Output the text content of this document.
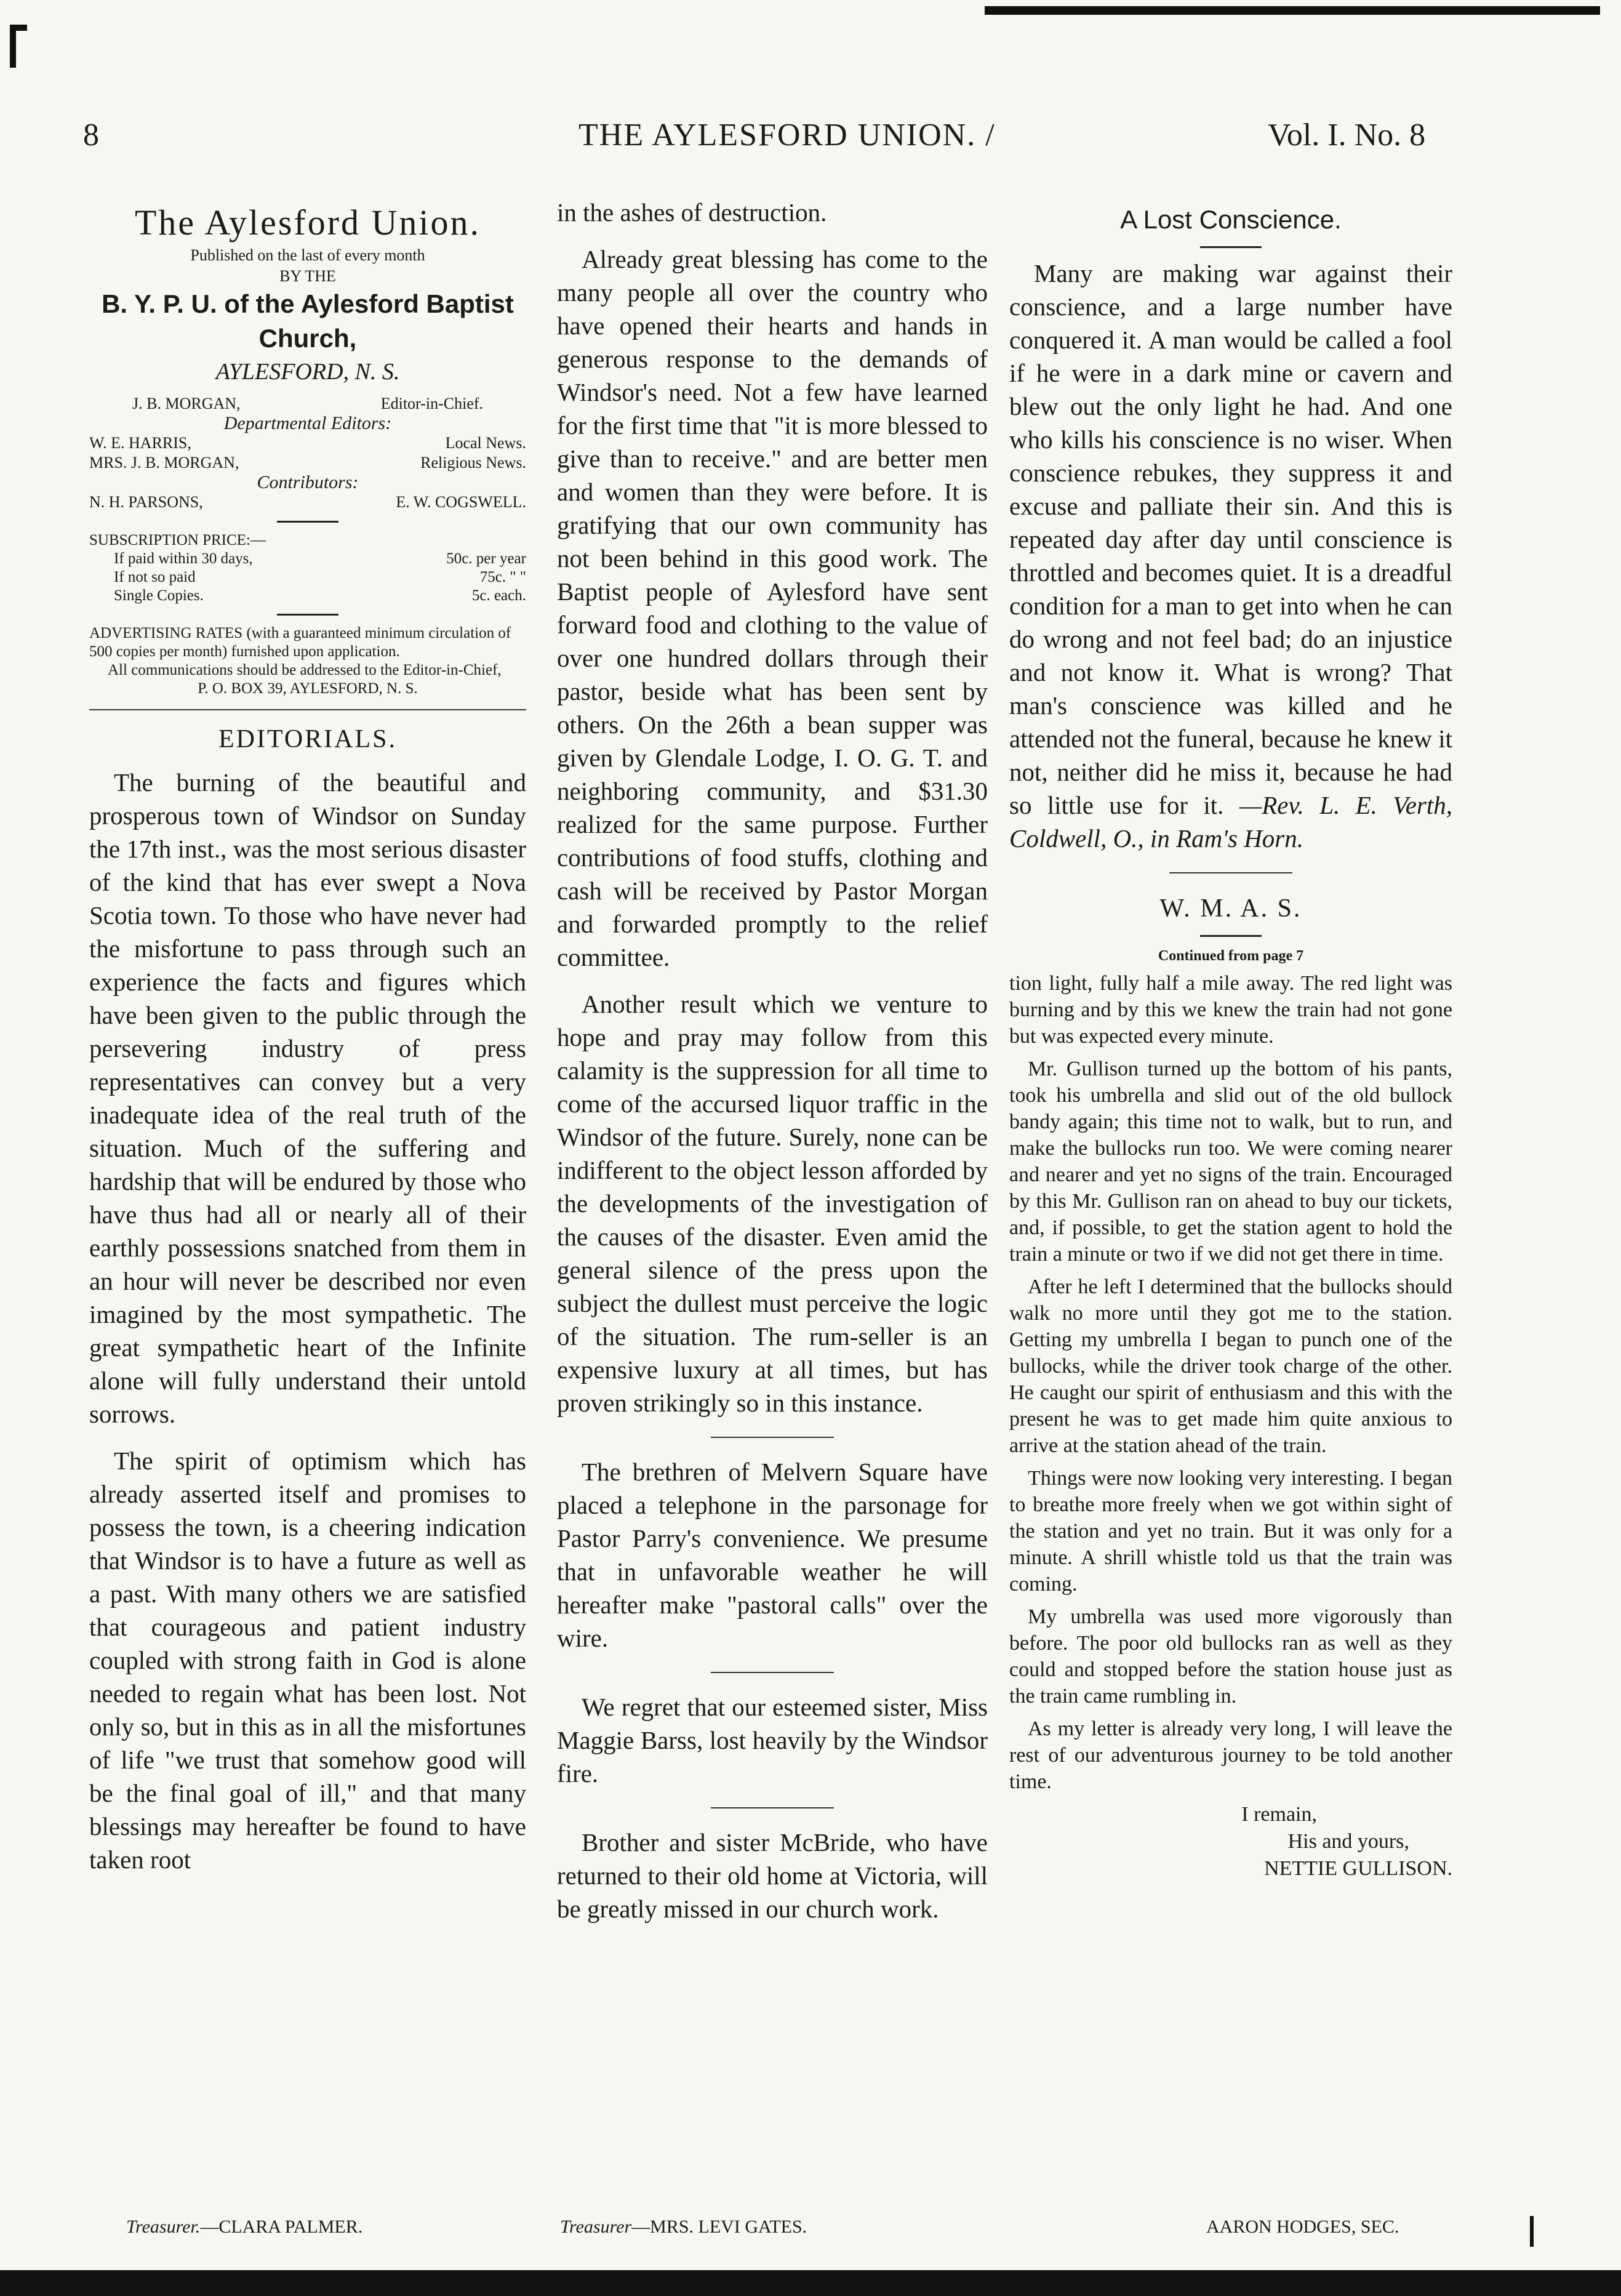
8	THE AYLESFORD UNION. /	Vol. I. No. 8
The Aylesford Union.
Published on the last of every month
BY THE
B. Y. P. U. of the Aylesford Baptist Church,
AYLESFORD, N. S.
J. B. MORGAN,	Editor-in-Chief.
Departmental Editors:
W. E. HARRIS,	Local News.
MRS. J. B. MORGAN,	Religious News.
Contributors:
N. H. PARSONS,	E. W. COGSWELL.

SUBSCRIPTION PRICE:—

If paid within 30 days,	50c. per year
If not so paid	75c. " "
Single Copies.	5c. each.

ADVERTISING RATES (with a guaranteed minimum circulation of 500 copies per month) furnished upon application.

All communications should be addressed to the Editor-in-Chief,

P. O. BOX 39, AYLESFORD, N. S.

EDITORIALS.

The burning of the beautiful and prosperous town of Windsor on Sunday the 17th inst., was the most serious disaster of the kind that has ever swept a Nova Scotia town. To those who have never had the misfortune to pass through such an experience the facts and figures which have been given to the public through the persevering industry of press representatives can convey but a very inadequate idea of the real truth of the situation. Much of the suffering and hardship that will be endured by those who have thus had all or nearly all of their earthly possessions snatched from them in an hour will never be described nor even imagined by the most sympathetic. The great sympathetic heart of the Infinite alone will fully understand their untold sorrows.

The spirit of optimism which has already asserted itself and promises to possess the town, is a cheering indication that Windsor is to have a future as well as a past. With many others we are satisfied that courageous and patient industry coupled with strong faith in God is alone needed to regain what has been lost. Not only so, but in this as in all the misfortunes of life "we trust that somehow good will be the final goal of ill," and that many blessings may hereafter be found to have taken root

in the ashes of destruction.

Already great blessing has come to the many people all over the country who have opened their hearts and hands in generous response to the demands of Windsor's need. Not a few have learned for the first time that "it is more blessed to give than to receive." and are better men and women than they were before. It is gratifying that our own community has not been behind in this good work. The Baptist people of Aylesford have sent forward food and clothing to the value of over one hundred dollars through their pastor, beside what has been sent by others. On the 26th a bean supper was given by Glendale Lodge, I. O. G. T. and neighboring community, and $31.30 realized for the same purpose. Further contributions of food stuffs, clothing and cash will be received by Pastor Morgan and forwarded promptly to the relief committee.

Another result which we venture to hope and pray may follow from this calamity is the suppression for all time to come of the accursed liquor traffic in the Windsor of the future. Surely, none can be indifferent to the object lesson afforded by the developments of the investigation of the causes of the disaster. Even amid the general silence of the press upon the subject the dullest must perceive the logic of the situation. The rum-seller is an expensive luxury at all times, but has proven strikingly so in this instance.

The brethren of Melvern Square have placed a telephone in the parsonage for Pastor Parry's convenience. We presume that in unfavorable weather he will hereafter make "pastoral calls" over the wire.

We regret that our esteemed sister, Miss Maggie Barss, lost heavily by the Windsor fire.

Brother and sister McBride, who have returned to their old home at Victoria, will be greatly missed in our church work.

A Lost Conscience.

Many are making war against their conscience, and a large number have conquered it. A man would be called a fool if he were in a dark mine or cavern and blew out the only light he had. And one who kills his conscience is no wiser. When conscience rebukes, they suppress it and excuse and palliate their sin. And this is repeated day after day until conscience is throttled and becomes quiet. It is a dreadful condition for a man to get into when he can do wrong and not feel bad; do an injustice and not know it. What is wrong? That man's conscience was killed and he attended not the funeral, because he knew it not, neither did he miss it, because he had so little use for it. —Rev. L. E. Verth, Coldwell, O., in Ram's Horn.

W. M. A. S.
Continued from page 7

tion light, fully half a mile away. The red light was burning and by this we knew the train had not gone but was expected every minute.

Mr. Gullison turned up the bottom of his pants, took his umbrella and slid out of the old bullock bandy again; this time not to walk, but to run, and make the bullocks run too. We were coming nearer and nearer and yet no signs of the train. Encouraged by this Mr. Gullison ran on ahead to buy our tickets, and, if possible, to get the station agent to hold the train a minute or two if we did not get there in time.

After he left I determined that the bullocks should walk no more until they got me to the station. Getting my umbrella I began to punch one of the bullocks, while the driver took charge of the other. He caught our spirit of enthusiasm and this with the present he was to get made him quite anxious to arrive at the station ahead of the train.

Things were now looking very interesting. I began to breathe more freely when we got within sight of the station and yet no train. But it was only for a minute. A shrill whistle told us that the train was coming.

My umbrella was used more vigorously than before. The poor old bullocks ran as well as they could and stopped before the station house just as the train came rumbling in.

As my letter is already very long, I will leave the rest of our adventurous journey to be told another time.

I remain,
His and yours,
NETTIE GULLISON.
Treasurer.—CLARA PALMER.	Treasurer—MRS. LEVI GATES.	AARON HODGES, SEC.
